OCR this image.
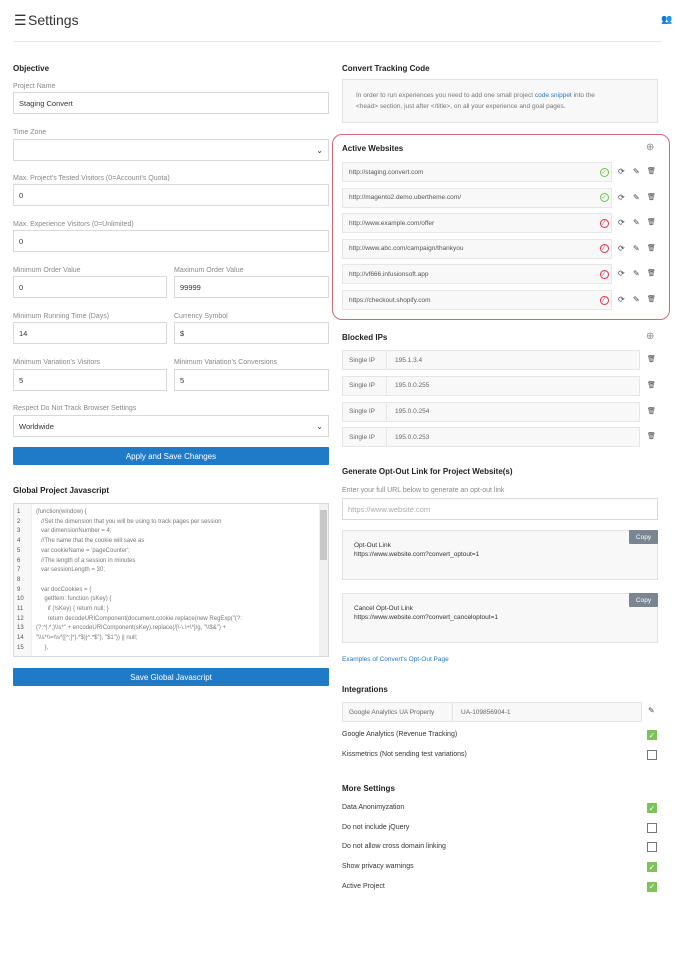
☰Settings	👥
Objective
Project Name
Staging Convert
Time Zone
⌄
Max. Project's Tested Visitors (0=Account's Quota)
0
Max. Experience Visitors (0=Unlimited)
0
Minimum Order Value
0
Maximum Order Value
99999
Minimum Running Time (Days)
14
Currency Symbol
$
Minimum Variation's Visitors
5
Minimum Variation's Conversions
5
Respect Do Not Track Browser Settings
Worldwide	⌄
Apply and Save Changes
Global Project Javascript
1	(function(window) {
2	//Set the dimension that you will be using to track pages per session
3	var dimensionNumber = 4;
4	//The name that the cookie will save as
5	var cookieName = 'pageCounter';
6	//The length of a session in minutes
7	var sessionLength = 30;
8
9	var docCookies = {
10 getItem: function (sKey) {
11 if (!sKey) { return null; }
12 return decodeURIComponent(document.cookie.replace(new RegExp("(?:
13 (?:^|.*;)\\s*" + encodeURIComponent(sKey).replace(/[\-\.\+\*]/g, "\\$&") +
14 "\\s*\\=\\s*([^;]*).*$)|^.*$"), "$1")) || null;
15 },
Save Global Javascript
Convert Tracking Code
In order to run experiences you need to add one small project code snippet into the
<head> section, just after </title>, on all your experience and goal pages.
Active Websites	⊕
http://staging.convert.com	✓ ⟳ ✎ 🗑
http://magento2.demo.ubertheme.com/	✓ ⟳ ✎ 🗑
http://www.example.com/offer	⁄	⟳ ✎ 🗑
http://www.abc.com/campaign/thankyou	⁄	⟳ ✎ 🗑
http://vf666.infusionsoft.app	⁄	⟳ ✎ 🗑
https://checkout.shopify.com	⁄	⟳ ✎ 🗑
Blocked IPs	⊕
Single IP	195.1.3.4	🗑
Single IP	195.0.0.255	🗑
Single IP	195.0.0.254	🗑
Single IP	195.0.0.253	🗑
Generate Opt-Out Link for Project Website(s)
Enter your full URL below to generate an opt-out link
https://www.website.com
Opt-Out Link
https://www.website.com?convert_optout=1
Copy
Cancel Opt-Out Link
https://www.website.com?convert_canceloptout=1
Copy
Examples of Convert's Opt-Out Page
Integrations
Google Analytics UA Property	UA-109856904-1	✎
Google Analytics (Revenue Tracking)	✓
Kissmetrics (Not sending test variations)
More Settings
Data Anonimyzation	✓
Do not include jQuery
Do not allow cross domain linking
Show privacy warnings	✓
Active Project	✓
